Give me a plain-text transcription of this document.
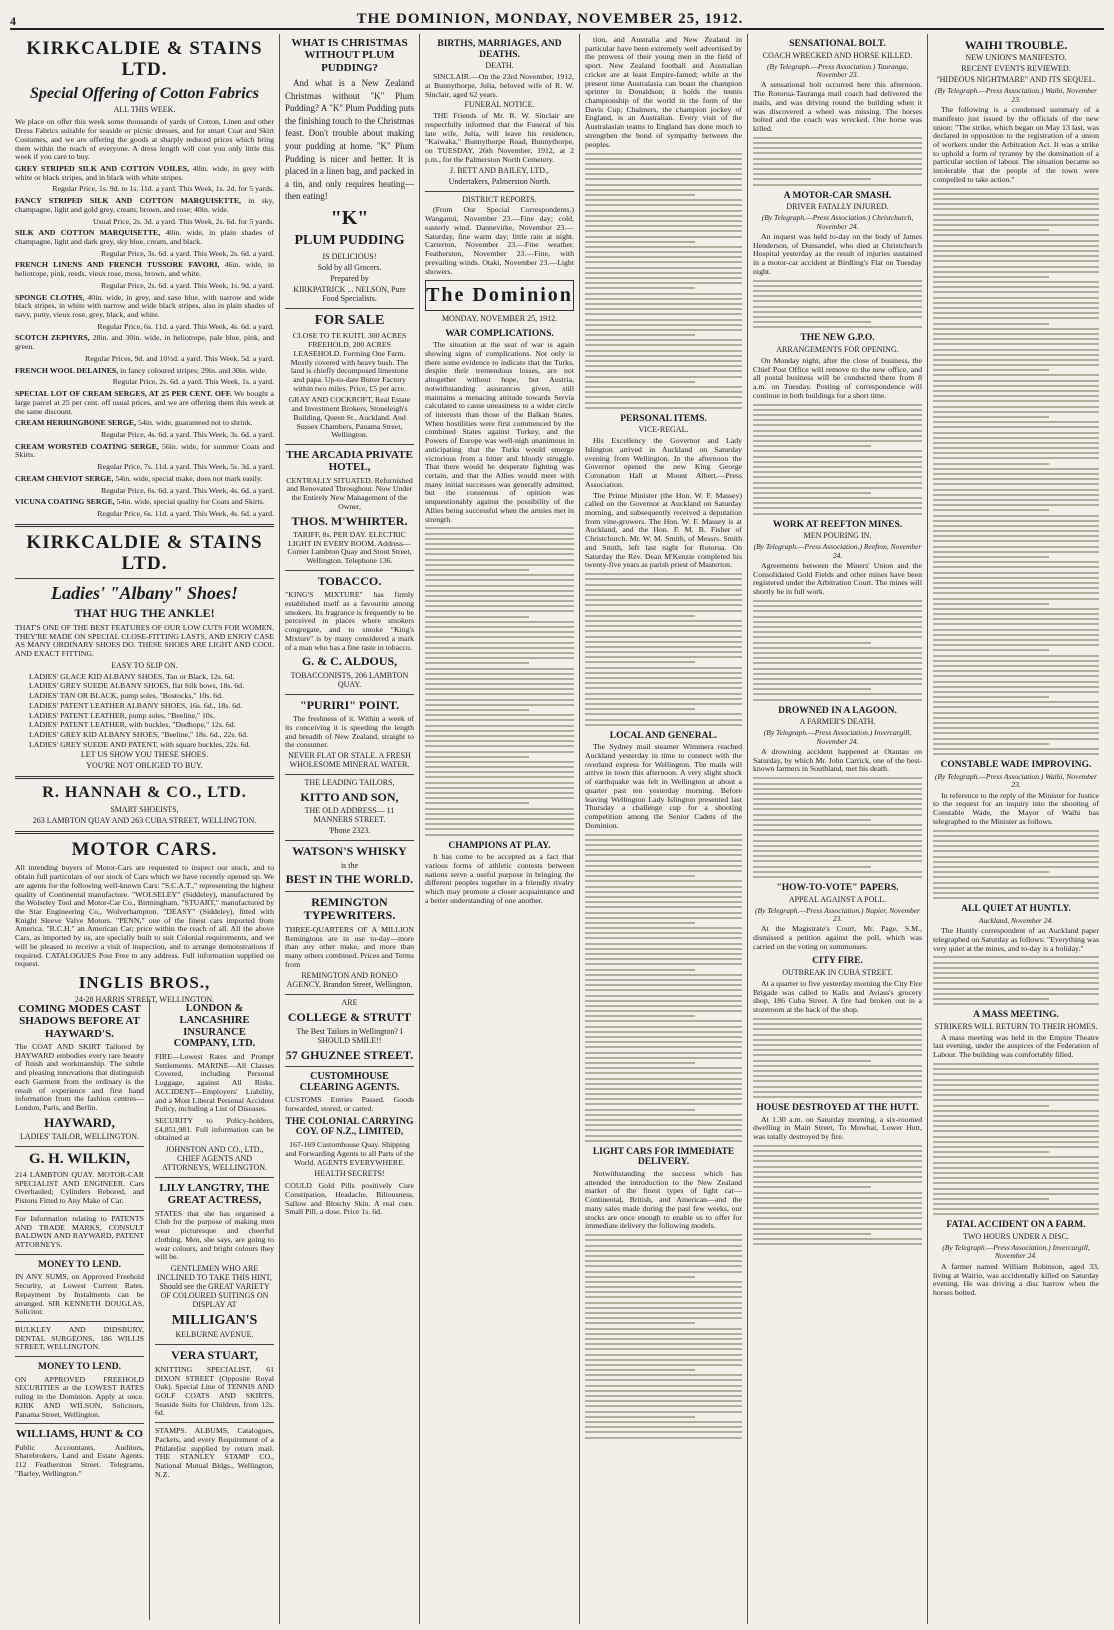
4	THE DOMINION, MONDAY, NOVEMBER 25, 1912.
KIRKCALDIE & STAINS LTD.
Special Offering of Cotton Fabrics
ALL THIS WEEK.
We place on offer this week some thousands of yards of Cotton, Linen and other Dress Fabrics suitable for seaside or picnic dresses, and for smart Coat and Skirt Costumes, and we are offering the goods at sharply reduced prices which bring them within the reach of everyone. A dress length will cost you only little this week if you care to buy.
GREY STRIPED SILK AND COTTON VOILES, 40in. wide, in grey with white or black stripes, and in black with white stripes.
Regular Price, 1s. 9d. to 1s. 11d. a yard. This Week, 1s. 2d. for 5 yards.
FANCY STRIPED SILK AND COTTON MARQUISETTE, in sky, champagne, light and gold grey, cream, brown, and rose; 40in. wide.
Usual Price, 2s. 3d. a yard. This Week, 2s. 6d. for 5 yards.
SILK AND COTTON MARQUISETTE, 40in. wide, in plain shades of champagne, light and dark grey, sky blue, cream, and black.
Regular Price, 3s. 6d. a yard. This Week, 2s. 6d. a yard.
FRENCH LINENS AND FRENCH TUSSORE FAVORI, 46in. wide, in heliotrope, pink, reeds, vieux rose, moss, brown, and white.
Regular Price, 2s. 6d. a yard. This Week, 1s. 9d. a yard.
SPONGE CLOTHS, 40in. wide, in grey, and saxe blue, with narrow and wide black stripes, in white with narrow and wide black stripes, also in plain shades of navy, putty, vieux rose, grey, black, and white.
Regular Price, 6s. 11d. a yard. This Week, 4s. 6d. a yard.
SCOTCH ZEPHYRS, 28in. and 30in. wide, in heliotrope, pale blue, pink, and green.
Regular Prices, 9d. and 10½d. a yard. This Week, 5d. a yard.
FRENCH WOOL DELAINES, in fancy coloured stripes; 29in. and 30in. wide.
Regular Price, 2s. 6d. a yard. This Week, 1s. a yard.
SPECIAL LOT OF CREAM SERGES, AT 25 PER CENT. OFF. We bought a large parcel at 25 per cent. off usual prices, and we are offering them this week at the same discount.
CREAM HERRINGBONE SERGE, 54in. wide, guaranteed not to shrink.
Regular Price, 4s. 6d. a yard. This Week, 3s. 6d. a yard.
CREAM WORSTED COATING SERGE, 56in. wide, for summer Coats and Skirts.
Regular Price, 7s. 11d. a yard. This Week, 5s. 3d. a yard.
CREAM CHEVIOT SERGE, 54in. wide, special make, does not mark easily.
Regular Price, 6s. 6d. a yard. This Week, 4s. 6d. a yard.
VICUNA COATING SERGE, 54in. wide, special quality for Coats and Skirts.
Regular Price, 6s. 11d. a yard. This Week, 4s. 6d. a yard.
KIRKCALDIE & STAINS LTD.
Ladies' "Albany" Shoes!
THAT HUG THE ANKLE!
THAT'S ONE OF THE BEST FEATURES OF OUR LOW CUTS FOR WOMEN. THEY'RE MADE ON SPECIAL CLOSE-FITTING LASTS, AND ENJOY CASE AS MANY ORDINARY SHOES DO. THESE SHOES ARE LIGHT AND COOL AND EXACT FITTING.
EASY TO SLIP ON.
LADIES' GLACE KID ALBANY SHOES, Tan or Black, 12s. 6d.
LADIES' GREY SUEDE ALBANY SHOES, flat Silk bows, 18s. 6d.
LADIES' TAN OR BLACK, pump soles, "Bostocks," 10s. 6d.
LADIES' PATENT LEATHER ALBANY SHOES, 16s. 6d., 18s. 6d.
LADIES' PATENT LEATHER, pump soles, "Beeline," 10s.
LADIES' PATENT LEATHER, with buckles, "Dudhope," 12s. 6d.
LADIES' GREY KID ALBANY SHOES, "Beeline," 18s. 6d., 22s. 6d.
LADIES' GREY SUEDE AND PATENT, with square buckles, 22s. 6d.
LET US SHOW YOU THESE SHOES.
YOU'RE NOT OBLIGED TO BUY.
R. HANNAH & CO., LTD.
SMART SHOEISTS,
263 LAMBTON QUAY AND 263 CUBA STREET, WELLINGTON.
MOTOR CARS.
All intending buyers of Motor-Cars are requested to inspect our stock, and to obtain full particulars of our stock of Cars which we have recently opened up. We are agents for the following well-known Cars: "S.C.A.T.," representing the highest quality of Continental manufacture. "WOLSELEY" (Siddeley), manufactured by the Wolseley Tool and Motor-Car Co., Birmingham. "STUART," manufactured by the Star Engineering Co., Wolverhampton. "DEASY" (Siddeley), fitted with Knight Sleeve Valve Motors. "PENN," one of the finest cars imported from America. "R.C.H." an American Car; price within the reach of all. All the above Cars, as imported by us, are specially built to suit Colonial requirements, and we will be pleased to receive a visit of inspection, and to arrange demonstrations if required. CATALOGUES Post Free to any address. Full information supplied on request.
INGLIS BROS.,
24-28 HARRIS STREET, WELLINGTON.
COMING MODES CAST SHADOWS BEFORE AT HAYWARD'S.
The COAT AND SKIRT Tailored by HAYWARD embodies every rare beauty of finish and workmanship. The subtle and pleasing innovations that distinguish each Garment from the ordinary is the result of experience and first hand information from the fashion centres—London, Paris, and Berlin.
HAYWARD,
LADIES' TAILOR, WELLINGTON.
G. H. WILKIN,
214 LAMBTON QUAY. MOTOR-CAR SPECIALIST AND ENGINEER. Cars Overhauled; Cylinders Rebored, and Pistons Fitted to Any Make of Car.
For Information relating to PATENTS AND TRADE MARKS, CONSULT BALDWIN AND RAYWARD, PATENT ATTORNEYS.
MONEY TO LEND.
IN ANY SUMS, on Approved Freehold Security, at Lowest Current Rates. Repayment by Instalments can be arranged. SIR KENNETH DOUGLAS, Solicitor.
BULKLEY AND DIDSBURY, DENTAL SURGEONS, 186 WILLIS STREET, WELLINGTON.
MONEY TO LEND.
ON APPROVED FREEHOLD SECURITIES at the LOWEST RATES ruling in the Dominion. Apply at once. KIRK AND WILSON, Solicitors, Panama Street, Wellington.
WILLIAMS, HUNT & CO
Public Accountants, Auditors, Sharebrokers, Land and Estate Agents. 112 Featherston Street. Telegrams, "Barley, Wellington."
LONDON & LANCASHIRE INSURANCE COMPANY, LTD.
FIRE—Lowest Rates and Prompt Settlements. MARINE—All Classes Covered, including Personal Luggage, against All Risks. ACCIDENT—Employers' Liability, and a Most Liberal Personal Accident Policy, including a List of Diseases.
SECURITY to Policy-holders, £4,851,981. Full information can be obtained at
JOHNSTON AND CO., LTD., CHIEF AGENTS AND ATTORNEYS, WELLINGTON.
LILY LANGTRY, THE GREAT ACTRESS,
STATES that she has organised a Club for the purpose of making men wear picturesque and cheerful clothing. Men, she says, are going to wear colours, and bright colours they will be.
GENTLEMEN WHO ARE INCLINED TO TAKE THIS HINT, Should see the GREAT VARIETY OF COLOURED SUITINGS ON DISPLAY AT
MILLIGAN'S
KELBURNE AVENUE.
VERA STUART,
KNITTING SPECIALIST, 61 DIXON STREET (Opposite Royal Oak). Special Line of TENNIS AND GOLF COATS AND SKIRTS. Seaside Suits for Children, from 12s. 6d.
STAMPS. ALBUMS, Catalogues, Packets, and every Requirement of a Philatelist supplied by return mail. THE STANLEY STAMP CO., National Mutual Bldgs., Wellington, N.Z.
WHAT IS CHRISTMAS WITHOUT PLUM PUDDING?
And what is a New Zealand Christmas without "K" Plum Pudding? A "K" Plum Pudding puts the finishing touch to the Christmas feast. Don't trouble about making your pudding at home. "K" Plum Pudding is nicer and better. It is placed in a linen bag, and packed in a tin, and only requires heating—then eating!
"K"
PLUM PUDDING
IS DELICIOUS!
Sold by all Grocers.
Prepared by
KIRKPATRICK ... NELSON, Pure Food Specialists.
FOR SALE
CLOSE TO TE KUITI. 300 ACRES FREEHOLD, 200 ACRES LEASEHOLD. Forming One Farm. Mostly covered with heavy bush. The land is chiefly decomposed limestone and papa. Up-to-date Butter Factory within two miles. Price, £5 per acre.
GRAY AND COCKROFT, Real Estate and Investment Brokers, Stoneleigh's Building, Queen St., Auckland. And Sussex Chambers, Panama Street, Wellington.
THE ARCADIA PRIVATE HOTEL,
CENTRALLY SITUATED. Refurnished and Renovated Throughout. Now Under the Entirely New Management of the Owner,
THOS. M'WHIRTER.
TARIFF, 8s. PER DAY. ELECTRIC LIGHT IN EVERY ROOM. Address—Corner Lambton Quay and Stout Street, Wellington. Telephone 136.
TOBACCO.
"KING'S MIXTURE" has firmly established itself as a favourite among smokers. Its fragrance is frequently to be perceived in places where smokers congregate, and to smoke "King's Mixture" is by many considered a mark of a man who has a fine taste in tobacco.
G. & C. ALDOUS,
TOBACCONISTS, 206 LAMBTON QUAY.
"PURIRI" POINT.
The freshness of it. Within a week of its conceiving it is speeding the length and breadth of New Zealand, straight to the consumer.
NEVER FLAT OR STALE. A FRESH WHOLESOME MINERAL WATER.
THE LEADING TAILORS,
KITTO AND SON,
THE OLD ADDRESS— 11 MANNERS STREET.
'Phone 2323.
WATSON'S WHISKY
is the
BEST IN THE WORLD.
REMINGTON TYPEWRITERS.
THREE-QUARTERS OF A MILLION Remingtons are in use to-day—more than any other make, and more than many others combined. Prices and Terms from
REMINGTON AND RONEO AGENCY, Brandon Street, Wellington.
ARE
COLLEGE & STRUTT
The Best Tailors in Wellington? I SHOULD SMILE!!
57 GHUZNEE STREET.
CUSTOMHOUSE CLEARING AGENTS.
CUSTOMS Entries Passed. Goods forwarded, stored, or carted.
THE COLONIAL CARRYING COY. OF N.Z., LIMITED,
167-169 Customhouse Quay. Shipping and Forwarding Agents to all Parts of the World. AGENTS EVERYWHERE.
HEALTH SECRETS!
COULD Gold Pills positively Cure Constipation, Headache, Biliousness, Sallow and Blotchy Skin. A real cure. Small Pill, a dose. Price 1s. 6d.
BIRTHS, MARRIAGES, AND DEATHS.
DEATH.
SINCLAIR.—On the 23rd November, 1912, at Bunnythorpe, Julia, beloved wife of R. W. Sinclair, aged 62 years.
FUNERAL NOTICE.
THE Friends of Mr. R. W. Sinclair are respectfully informed that the Funeral of his late wife, Julia, will leave his residence, "Kaiwaka," Bunnythorpe Road, Bunnythorpe, on TUESDAY, 26th November, 1912, at 2 p.m., for the Palmerston North Cemetery.
J. BETT AND BAILEY, LTD.,
Undertakers, Palmerston North.
DISTRICT REPORTS.
(From Our Special Correspondents.) Wanganui, November 23.—Fine day; cold, easterly wind. Dannevirke, November 23.—Saturday, fine warm day; little rain at night. Carterton, November 23.—Fine weather. Featherston, November 23.—Fine, with prevailing winds. Otaki, November 23.—Light showers.
The Dominion
MONDAY, NOVEMBER 25, 1912.
WAR COMPLICATIONS.
The situation at the seat of war is again showing signs of complications. Not only is there some evidence to indicate that the Turks, despite their tremendous losses, are not altogether without hope, but Austria, notwithstanding assurances given, still maintains a menacing attitude towards Servia calculated to cause uneasiness to a wider circle of interests than those of the Balkan States. When hostilities were first commenced by the combined States against Turkey, and the Powers of Europe was well-nigh unanimous in anticipating that the Turks would emerge victorious from a bitter and bloody struggle. That there would be desperate fighting was certain, and that the Allies would meet with many initial successes was generally admitted, but the consensus of opinion was unquestionably against the possibility of the Allies being successful when the armies met in strength.
CHAMPIONS AT PLAY.
It has come to be accepted as a fact that various forms of athletic contests between nations serve a useful purpose in bringing the different peoples together in a friendly rivalry which may promote a closer acquaintance and a better understanding of one another.
tion, and Australia and New Zealand in particular have been extremely well advertised by the prowess of their young men in the field of sport. New Zealand football and Australian cricket are at least Empire-famed; while at the present time Australasia can boast the champion sprinter in Donaldson; it holds the tennis championship of the world in the form of the Davis Cup; Chalmers, the champion jockey of England, is an Australian. Every visit of the Australasian teams to England has done much to strengthen the bond of sympathy between the peoples.
PERSONAL ITEMS.
VICE-REGAL.
His Excellency the Governor and Lady Islington arrived in Auckland on Saturday evening from Wellington. In the afternoon the Governor opened the new King George Coronation Hall at Mount Albert.—Press Association.
The Prime Minister (the Hon. W. F. Massey) called on the Governor at Auckland on Saturday morning, and subsequently received a deputation from vine-growers. The Hon. W. F. Massey is at Auckland, and the Hon. F. M. B. Fisher of Christchurch. Mr. W. M. Smith, of Messrs. Smith and Smith, left last night for Rotorua. On Saturday the Rev. Dean M'Kenzie completed his twenty-five years as parish priest of Masterton.
LOCAL AND GENERAL.
The Sydney mail steamer Wimmera reached Auckland yesterday in time to connect with the overland express for Wellington. The mails will arrive in town this afternoon. A very slight shock of earthquake was felt in Wellington at about a quarter past ten yesterday morning. Before leaving Wellington Lady Islington presented last Thursday a challenge cup for a shooting competition among the Senior Cadets of the Dominion.
LIGHT CARS FOR IMMEDIATE DELIVERY.
Notwithstanding the success which has attended the introduction to the New Zealand market of the finest types of light car—Continental, British, and American—and the many sales made during the past few weeks, our stocks are once enough to enable us to offer for immediate delivery the following models.
SENSATIONAL BOLT.
COACH WRECKED AND HORSE KILLED.
(By Telegraph.—Press Association.) Tauranga, November 23.
A sensational bolt occurred here this afternoon. The Rotorua-Tauranga mail coach had delivered the mails, and was driving round the building when it was discovered a wheel was missing. The horses bolted and the coach was wrecked. One horse was killed.
A MOTOR-CAR SMASH.
DRIVER FATALLY INJURED.
(By Telegraph.—Press Association.) Christchurch, November 24.
An inquest was held to-day on the body of James Henderson, of Dunsandel, who died at Christchurch Hospital yesterday as the result of injuries sustained in a motor-car accident at Birdling's Flat on Tuesday night.
THE NEW G.P.O.
ARRANGEMENTS FOR OPENING.
On Monday night, after the close of business, the Chief Post Office will remove to the new office, and all postal business will be conducted there from 8 a.m. on Tuesday. Posting of correspondence will continue in both buildings for a short time.
WORK AT REEFTON MINES.
MEN POURING IN.
(By Telegraph.—Press Association.) Reefton, November 24.
Agreements between the Miners' Union and the Consolidated Gold Fields and other mines have been registered under the Arbitration Court. The mines will shortly be in full work.
DROWNED IN A LAGOON.
A FARMER'S DEATH.
(By Telegraph.—Press Association.) Invercargill, November 24.
A drowning accident happened at Otautau on Saturday, by which Mr. John Carrick, one of the best-known farmers in Southland, met his death.
"HOW-TO-VOTE" PAPERS.
APPEAL AGAINST A POLL.
(By Telegraph.—Press Association.) Napier, November 23.
At the Magistrate's Court, Mr. Page, S.M., dismissed a petition against the poll, which was carried on the voting on summonses.
CITY FIRE.
OUTBREAK IN CUBA STREET.
At a quarter to five yesterday morning the City Fire Brigade was called to Kalis and Aviass's grocery shop, 186 Cuba Street. A fire had broken out in a storeroom at the back of the shop.
HOUSE DESTROYED AT THE HUTT.
At 1.30 a.m. on Saturday morning, a six-roomed dwelling in Main Street, To Mowhai, Lower Hutt, was totally destroyed by fire.
WAIHI TROUBLE.
NEW UNION'S MANIFESTO.
RECENT EVENTS REVIEWED.
"HIDEOUS NIGHTMARE" AND ITS SEQUEL.
(By Telegraph.—Press Association.) Waihi, November 23.
The following is a condensed summary of a manifesto just issued by the officials of the new union: "The strike, which began on May 13 last, was declared in opposition to the registration of a union of workers under the Arbitration Act. It was a strike to uphold a form of tyranny by the domination of a particular section of labour. The situation became so intolerable that the people of the town were compelled to take action."
CONSTABLE WADE IMPROVING.
(By Telegraph.—Press Association.) Waihi, November 23.
In reference to the reply of the Minister for Justice to the request for an inquiry into the shooting of Constable Wade, the Mayor of Waihi has telegraphed to the Minister as follows.
ALL QUIET AT HUNTLY.
Auckland, November 24.
The Huntly correspondent of an Auckland paper telegraphed on Saturday as follows: "Everything was very quiet at the mines, and to-day is a holiday."
A MASS MEETING.
STRIKERS WILL RETURN TO THEIR HOMES.
A mass meeting was held in the Empire Theatre last evening, under the auspices of the Federation of Labour. The building was comfortably filled.
FATAL ACCIDENT ON A FARM.
TWO HOURS UNDER A DISC.
(By Telegraph.—Press Association.) Invercargill, November 24.
A farmer named William Robinson, aged 33, living at Wairio, was accidentally killed on Saturday evening. He was driving a disc harrow when the horses bolted.
